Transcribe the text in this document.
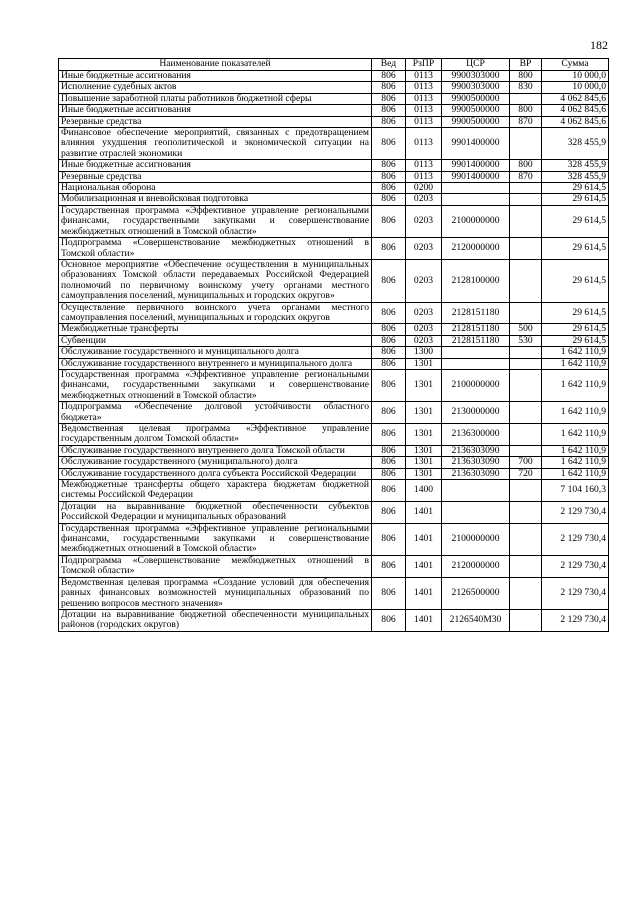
182
Наименование показателей	Вед	РзПР	ЦСР	ВР	Сумма
Иные бюджетные ассигнования	806	0113	9900303000	800	10 000,0
Исполнение судебных актов	806	0113	9900303000	830	10 000,0
Повышение заработной платы работников бюджетной сферы	806	0113	9900500000		4 062 845,6
Иные бюджетные ассигнования	806	0113	9900500000	800	4 062 845,6
Резервные средства	806	0113	9900500000	870	4 062 845,6
Финансовое обеспечение мероприятий, связанных с предотвращением влияния ухудшения геополитической и экономической ситуации на развитие отраслей экономики	806	0113	9901400000		328 455,9
Иные бюджетные ассигнования	806	0113	9901400000	800	328 455,9
Резервные средства	806	0113	9901400000	870	328 455,9
Национальная оборона	806	0200			29 614,5
Мобилизационная и вневойсковая подготовка	806	0203			29 614,5
Государственная программа «Эффективное управление региональными финансами, государственными закупками и совершенствование межбюджетных отношений в Томской области»	806	0203	2100000000		29 614,5
Подпрограмма «Совершенствование межбюджетных отношений в Томской области»	806	0203	2120000000		29 614,5
Основное мероприятие «Обеспечение осуществления в муниципальных образованиях Томской области передаваемых Российской Федерацией полномочий по первичному воинскому учету органами местного самоуправления поселений, муниципальных и городских округов»	806	0203	2128100000		29 614,5
Осуществление первичного воинского учета органами местного самоуправления поселений, муниципальных и городских округов	806	0203	2128151180		29 614,5
Межбюджетные трансферты	806	0203	2128151180	500	29 614,5
Субвенции	806	0203	2128151180	530	29 614,5
Обслуживание государственного и муниципального долга	806	1300			1 642 110,9
Обслуживание государственного внутреннего и муниципального долга	806	1301			1 642 110,9
Государственная программа «Эффективное управление региональными финансами, государственными закупками и совершенствование межбюджетных отношений в Томской области»	806	1301	2100000000		1 642 110,9
Подпрограмма «Обеспечение долговой устойчивости областного бюджета»	806	1301	2130000000		1 642 110,9
Ведомственная целевая программа «Эффективное управление государственным долгом Томской области»	806	1301	2136300000		1 642 110,9
Обслуживание государственного внутреннего долга Томской области	806	1301	2136303090		1 642 110,9
Обслуживание государственного (муниципального) долга	806	1301	2136303090	700	1 642 110,9
Обслуживание государственного долга субъекта Российской Федерации	806	1301	2136303090	720	1 642 110,9
Межбюджетные трансферты общего характера бюджетам бюджетной системы Российской Федерации	806	1400			7 104 160,3
Дотации на выравнивание бюджетной обеспеченности субъектов Российской Федерации и муниципальных образований	806	1401			2 129 730,4
Государственная программа «Эффективное управление региональными финансами, государственными закупками и совершенствование межбюджетных отношений в Томской области»	806	1401	2100000000		2 129 730,4
Подпрограмма «Совершенствование межбюджетных отношений в Томской области»	806	1401	2120000000		2 129 730,4
Ведомственная целевая программа «Создание условий для обеспечения равных финансовых возможностей муниципальных образований по решению вопросов местного значения»	806	1401	2126500000		2 129 730,4
Дотации на выравнивание бюджетной обеспеченности муниципальных районов (городских округов)	806	1401	2126540М30		2 129 730,4
